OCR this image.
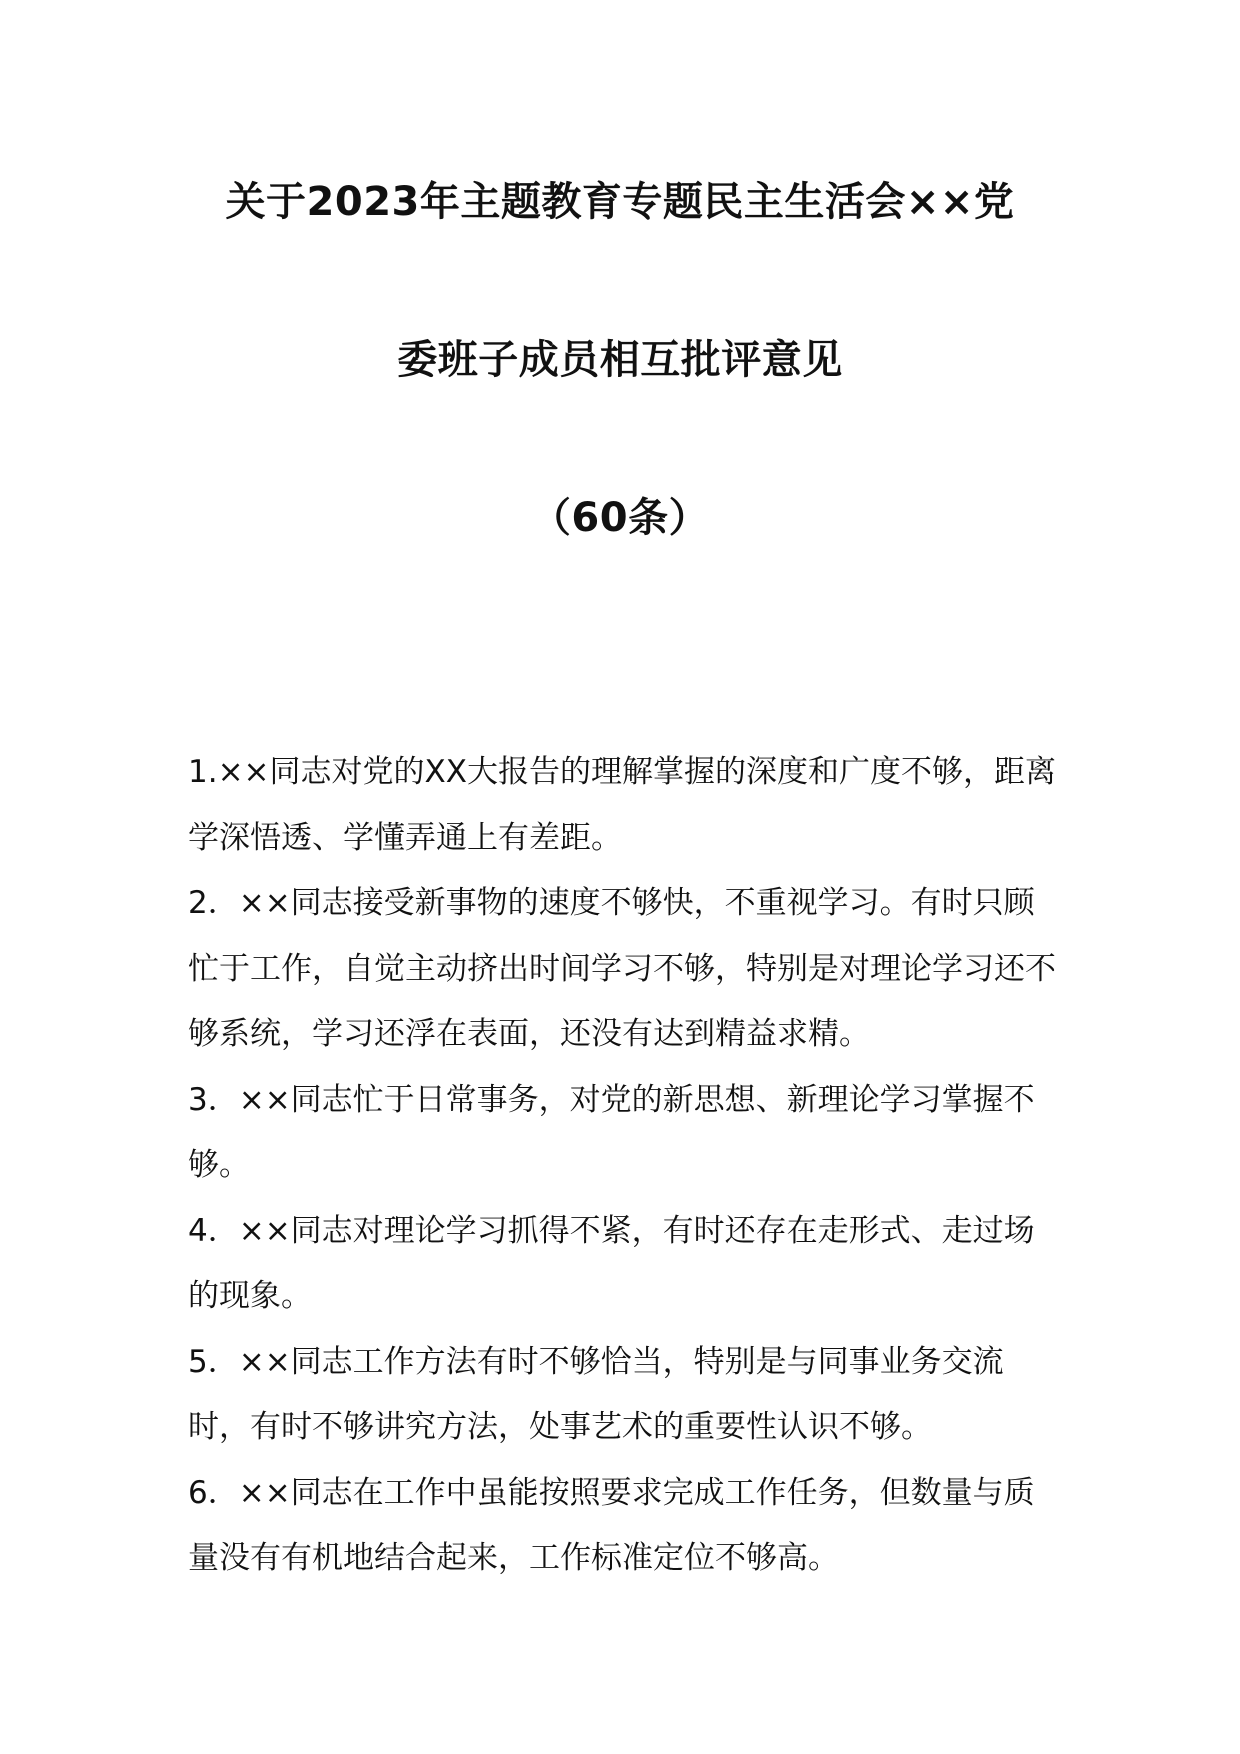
关于2023年主题教育专题民主生活会××党
委班子成员相互批评意见
（60条）

1.××同志对党的XX大报告的理解掌握的深度和广度不够，距离学深悟透、学懂弄通上有差距。

2．××同志接受新事物的速度不够快，不重视学习。有时只顾忙于工作，自觉主动挤出时间学习不够，特别是对理论学习还不够系统，学习还浮在表面，还没有达到精益求精。

3．××同志忙于日常事务，对党的新思想、新理论学习掌握不够。

4．××同志对理论学习抓得不紧，有时还存在走形式、走过场的现象。

5．××同志工作方法有时不够恰当，特别是与同事业务交流时，有时不够讲究方法，处事艺术的重要性认识不够。

6．××同志在工作中虽能按照要求完成工作任务，但数量与质量没有有机地结合起来，工作标准定位不够高。
